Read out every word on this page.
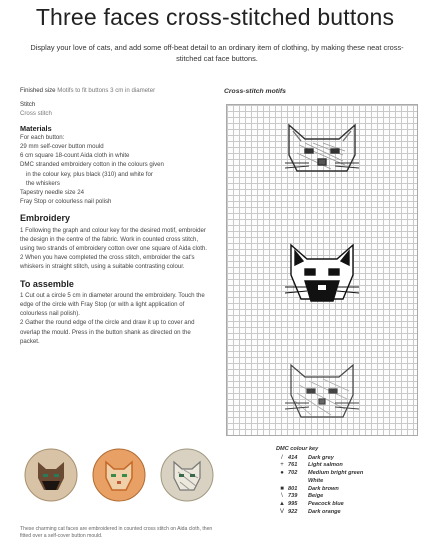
Three faces cross-stitched buttons
Display your love of cats, and add some off-beat detail to an ordinary item of clothing, by making these neat cross-stitched cat face buttons.

Finished size Motifs to fit buttons 3 cm in diameter

Stitch

Cross stitch

Materials

For each button:

29 mm self-cover button mould

6 cm square 18-count Aida cloth in white

DMC stranded embroidery cotton in the colours given

in the colour key, plus black (310) and white for

the whiskers

Tapestry needle size 24

Fray Stop or colourless nail polish

Embroidery

1 Following the graph and colour key for the desired motif, embroider the design in the centre of the fabric. Work in counted cross stitch, using two strands of embroidery cotton over one square of Aida cloth.

2 When you have completed the cross stitch, embroider the cat's whiskers in straight stitch, using a suitable contrasting colour.

To assemble

1 Cut out a circle 5 cm in diameter around the embroidery. Touch the edge of the circle with Fray Stop (or with a light application of colourless nail polish).

2 Gather the round edge of the circle and draw it up to cover and overlap the mould. Press in the button shank as directed on the packet.

Cross-stitch motifs
DMC colour key
/ 414	Dark grey
+ 761	Light salmon
● 702	Medium bright green
White
■ 801	Dark brown
\ 739	Beige
▲ 995	Peacock blue
V 922	Dark orange
These charming cat faces are embroidered in counted cross stitch on Aida cloth, then fitted over a self-cover button mould.
